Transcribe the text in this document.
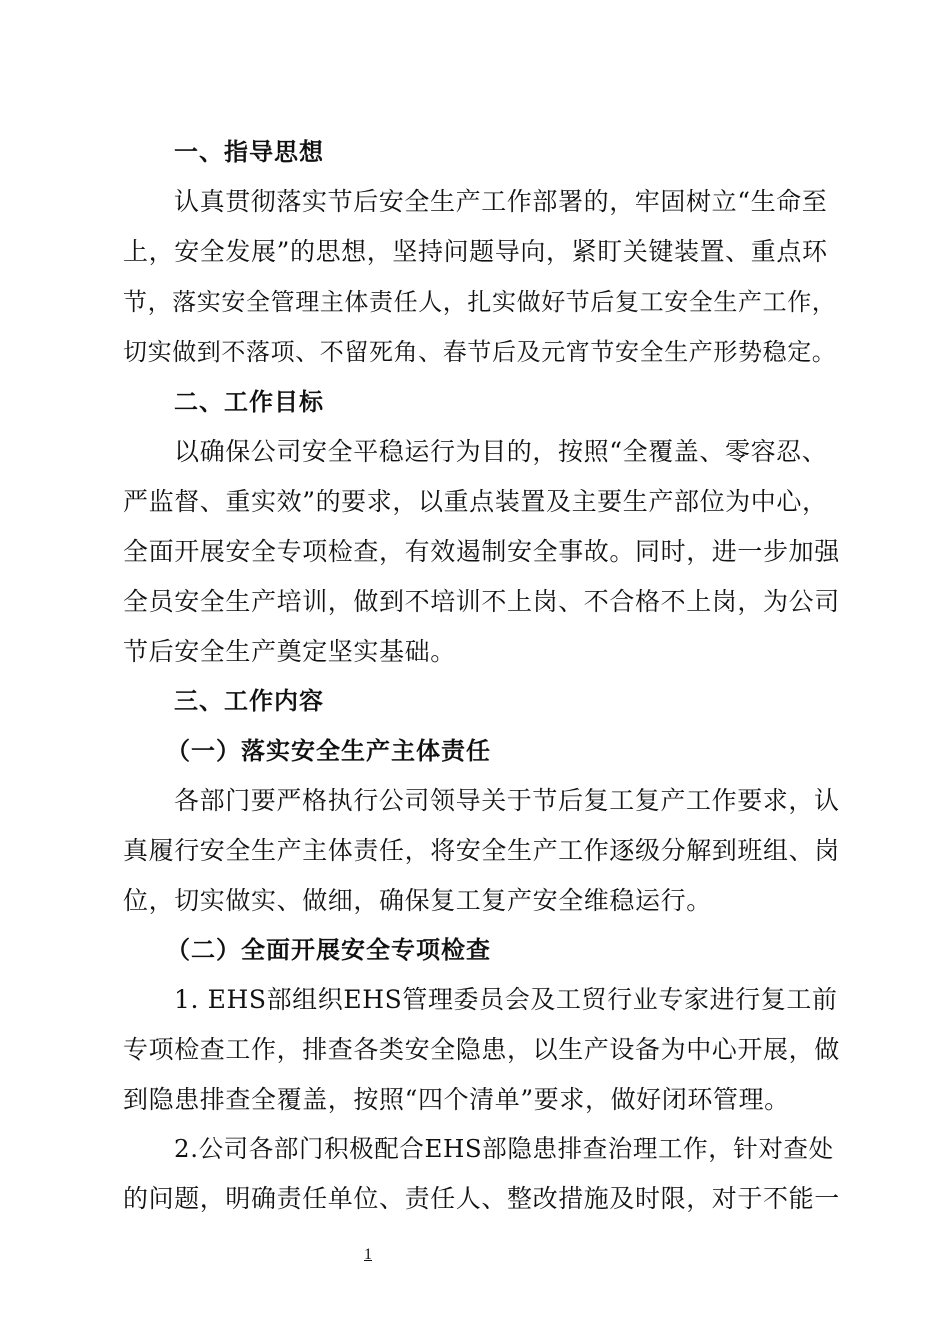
一、指导思想
认真贯彻落实节后安全生产工作部署的，牢固树立“生命至
上，安全发展”的思想，坚持问题导向，紧盯关键装置、重点环
节，落实安全管理主体责任人，扎实做好节后复工安全生产工作，
切实做到不落项、不留死角、春节后及元宵节安全生产形势稳定。
二、工作目标
以确保公司安全平稳运行为目的，按照“全覆盖、零容忍、
严监督、重实效”的要求，以重点装置及主要生产部位为中心，
全面开展安全专项检查，有效遏制安全事故。同时，进一步加强
全员安全生产培训，做到不培训不上岗、不合格不上岗，为公司
节后安全生产奠定坚实基础。
三、工作内容
（一）落实安全生产主体责任
各部门要严格执行公司领导关于节后复工复产工作要求，认
真履行安全生产主体责任，将安全生产工作逐级分解到班组、岗
位，切实做实、做细，确保复工复产安全维稳运行。
（二）全面开展安全专项检查
1. EHS部组织EHS管理委员会及工贸行业专家进行复工前
专项检查工作，排查各类安全隐患，以生产设备为中心开展，做
到隐患排查全覆盖，按照“四个清单”要求，做好闭环管理。
2.公司各部门积极配合EHS部隐患排查治理工作，针对查处
的问题，明确责任单位、责任人、整改措施及时限，对于不能一
1
